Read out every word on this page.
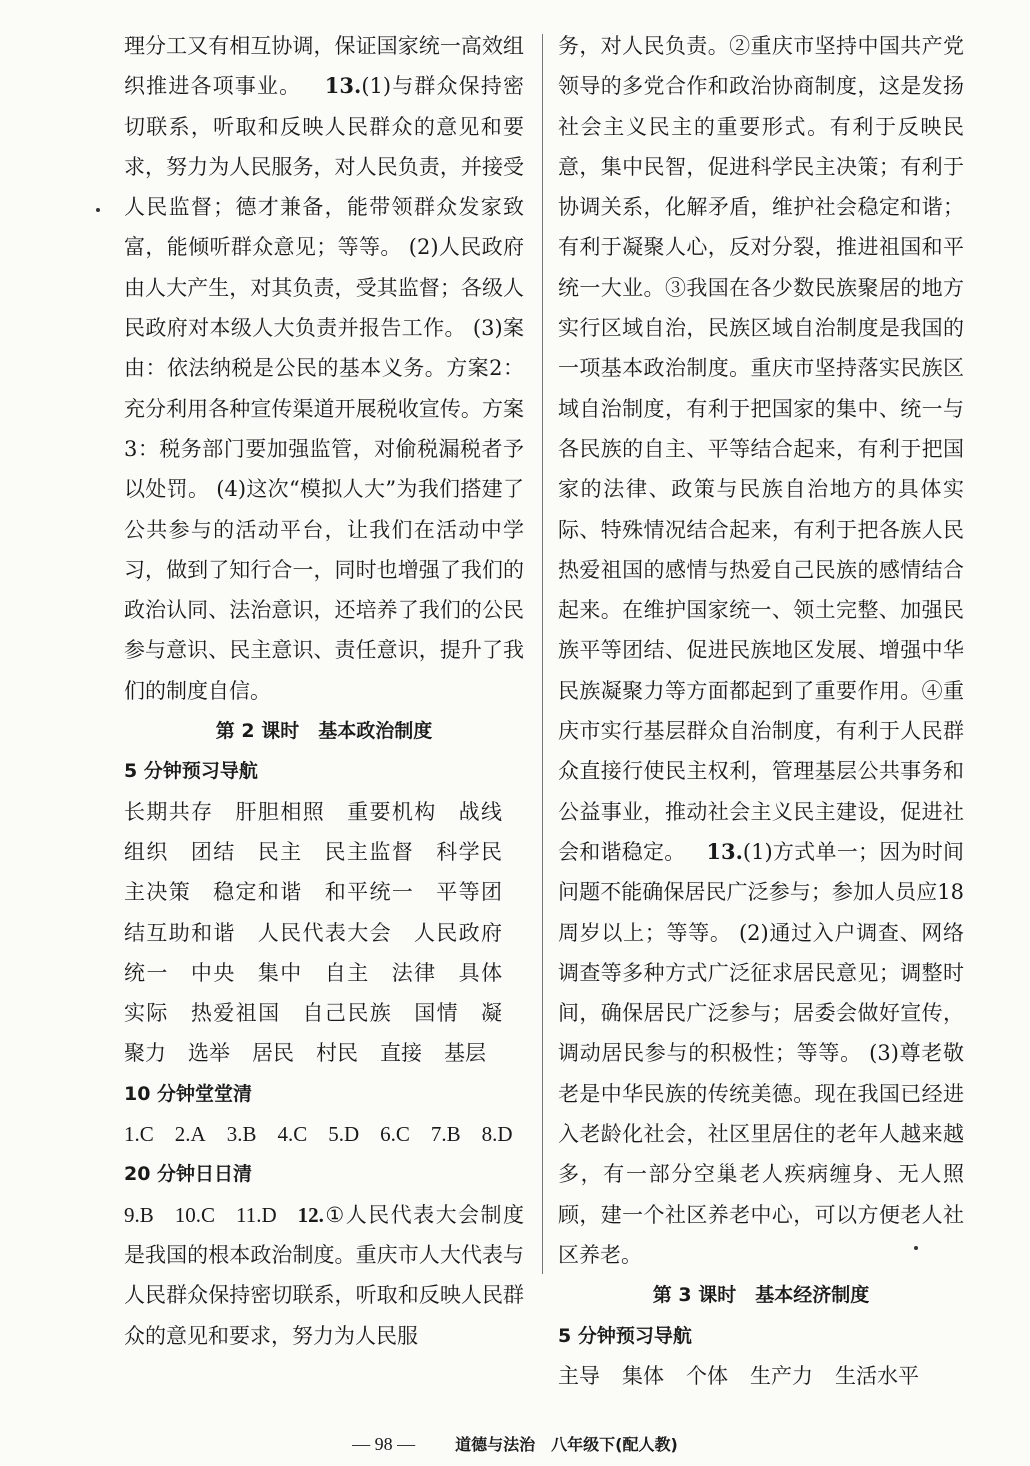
理分工又有相互协调，保证国家统一高效组织推进各项事业。 13.(1)与群众保持密切联系，听取和反映人民群众的意见和要求，努力为人民服务，对人民负责，并接受人民监督；德才兼备，能带领群众发家致富，能倾听群众意见；等等。 (2)人民政府由人大产生，对其负责，受其监督；各级人民政府对本级人大负责并报告工作。 (3)案由：依法纳税是公民的基本义务。方案2：充分利用各种宣传渠道开展税收宣传。方案3：税务部门要加强监管，对偷税漏税者予以处罚。 (4)这次“模拟人大”为我们搭建了公共参与的活动平台，让我们在活动中学习，做到了知行合一，同时也增强了我们的政治认同、法治意识，还培养了我们的公民参与意识、民主意识、责任意识，提升了我们的制度自信。

第 2 课时　基本政治制度

5 分钟预习导航

长期共存 肝胆相照 重要机构 战线组织 团结 民主 民主监督 科学民主决策 稳定和谐 和平统一 平等团结互助和谐 人民代表大会 人民政府统一 中央 集中 自主 法律 具体实际 热爱祖国 自己民族 国情 凝聚力 选举 居民 村民 直接 基层

10 分钟堂堂清

1.C  2.A  3.B  4.C  5.D  6.C  7.B  8.D

20 分钟日日清

9.B  10.C  11.D  12.①人民代表大会制度是我国的根本政治制度。重庆市人大代表与人民群众保持密切联系，听取和反映人民群众的意见和要求，努力为人民服

务，对人民负责。②重庆市坚持中国共产党领导的多党合作和政治协商制度，这是发扬社会主义民主的重要形式。有利于反映民意，集中民智，促进科学民主决策；有利于协调关系，化解矛盾，维护社会稳定和谐；有利于凝聚人心，反对分裂，推进祖国和平统一大业。③我国在各少数民族聚居的地方实行区域自治，民族区域自治制度是我国的一项基本政治制度。重庆市坚持落实民族区域自治制度，有利于把国家的集中、统一与各民族的自主、平等结合起来，有利于把国家的法律、政策与民族自治地方的具体实际、特殊情况结合起来，有利于把各族人民热爱祖国的感情与热爱自己民族的感情结合起来。在维护国家统一、领土完整、加强民族平等团结、促进民族地区发展、增强中华民族凝聚力等方面都起到了重要作用。④重庆市实行基层群众自治制度，有利于人民群众直接行使民主权利，管理基层公共事务和公益事业，推动社会主义民主建设，促进社会和谐稳定。 13.(1)方式单一；因为时间问题不能确保居民广泛参与；参加人员应18周岁以上；等等。 (2)通过入户调查、网络调查等多种方式广泛征求居民意见；调整时间，确保居民广泛参与；居委会做好宣传，调动居民参与的积极性；等等。 (3)尊老敬老是中华民族的传统美德。现在我国已经进入老龄化社会，社区里居住的老年人越来越多，有一部分空巢老人疾病缠身、无人照顾，建一个社区养老中心，可以方便老人社区养老。

第 3 课时　基本经济制度

5 分钟预习导航

主导 集体 个体 生产力 生活水平

— 98 —	道德与法治　八年级下(配人教)
